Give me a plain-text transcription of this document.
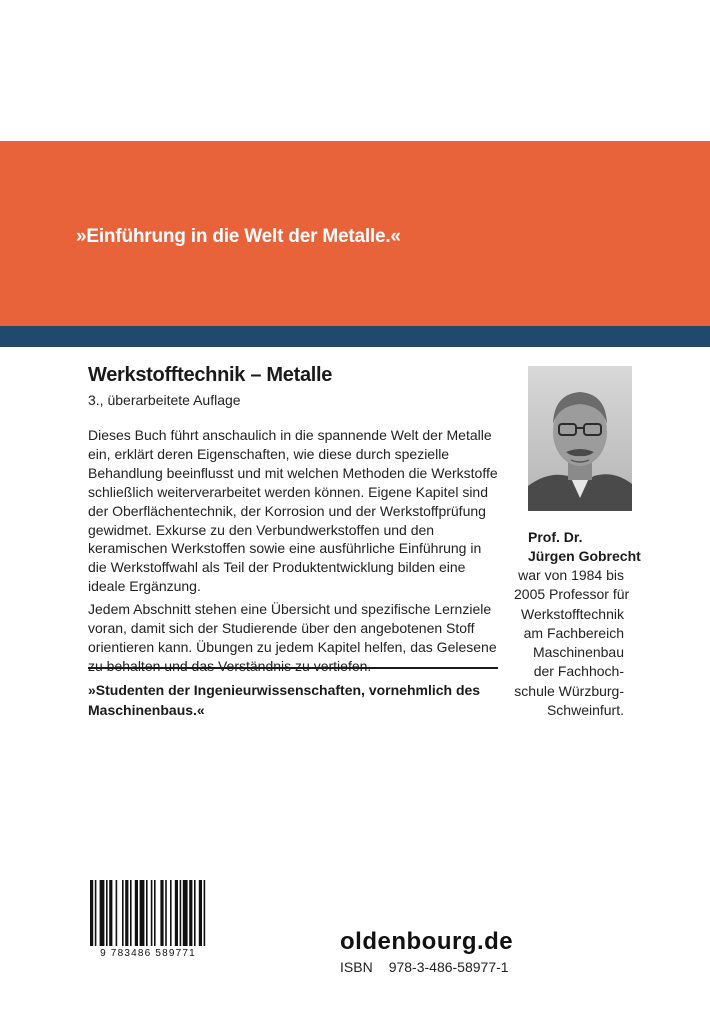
»Einführung in die Welt der Metalle.«
Werkstofftechnik – Metalle
3., überarbeitete Auflage

Dieses Buch führt anschaulich in die spannende Welt der Metalle ein, erklärt deren Eigenschaften, wie diese durch spezielle Behandlung beeinflusst und mit welchen Methoden die Werkstoffe schließlich weiterverarbeitet werden können. Eigene Kapitel sind der Oberflächentechnik, der Korrosion und der Werkstoffprüfung gewidmet. Exkurse zu den Verbundwerkstoffen und den keramischen Werkstoffen sowie eine ausführliche Einführung in die Werkstoffwahl als Teil der Produktentwicklung bilden eine ideale Ergänzung.

Jedem Abschnitt stehen eine Übersicht und spezifische Lernziele voran, damit sich der Studierende über den angebotenen Stoff orientieren kann. Übungen zu jedem Kapitel helfen, das Gelesene zu behalten und das Verständnis zu vertiefen.

»Studenten der Ingenieurwissenschaften, vornehmlich des Maschinenbaus.«
Prof. Dr.
Jürgen Gobrecht
war von 1984 bis
2005 Professor für
Werkstofftechnik
am Fachbereich
Maschinenbau
der Fachhoch-
schule Würzburg-
Schweinfurt.
9 783486 589771	oldenbourg.de
ISBN 978-3-486-58977-1
